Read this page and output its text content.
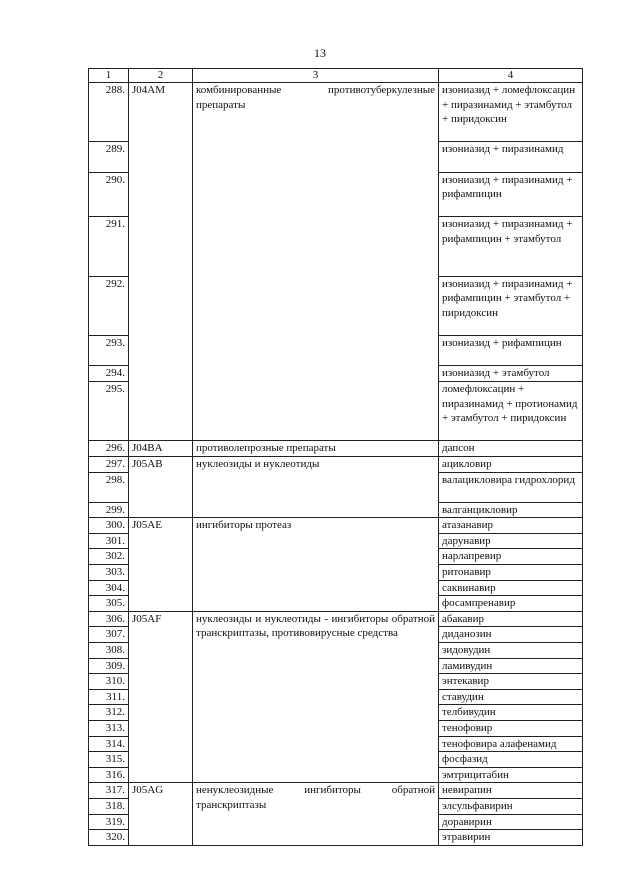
13
1	2	3	4
288.	J04AM	комбинированные противотуберкулезные препараты	изониазид + ломефлоксацин + пиразинамид + этамбутол + пиридоксин
289.			изониазид + пиразинамид
290.			изониазид + пиразинамид + рифампицин
291.			изониазид + пиразинамид + рифампицин + этамбутол
292.			изониазид + пиразинамид + рифампицин + этамбутол + пиридоксин
293.			изониазид + рифампицин
294.			изониазид + этамбутол
295.			ломефлоксацин + пиразинамид + протионамид + этамбутол + пиридоксин
296.	J04BA	противолепрозные препараты	дапсон
297.	J05AB	нуклеозиды и нуклеотиды	ацикловир
298.			валацикловира гидрохлорид
299.			валганцикловир
300.	J05AE	ингибиторы протеаз	атазанавир
301.			дарунавир
302.			нарлапревир
303.			ритонавир
304.			саквинавир
305.			фосампренавир
306.	J05AF	нуклеозиды и нуклеотиды - ингибиторы обратной транскриптазы, противовирусные средства	абакавир
307.			диданозин
308.			зидовудин
309.			ламивудин
310.			энтекавир
311.			ставудин
312.			телбивудин
313.			тенофовир
314.			тенофовира алафенамид
315.			фосфазид
316.			эмтрицитабин
317.	J05AG	ненуклеозидные ингибиторы обратной транскриптазы	невирапин
318.			элсульфавирин
319.			доравирин
320.			этравирин
